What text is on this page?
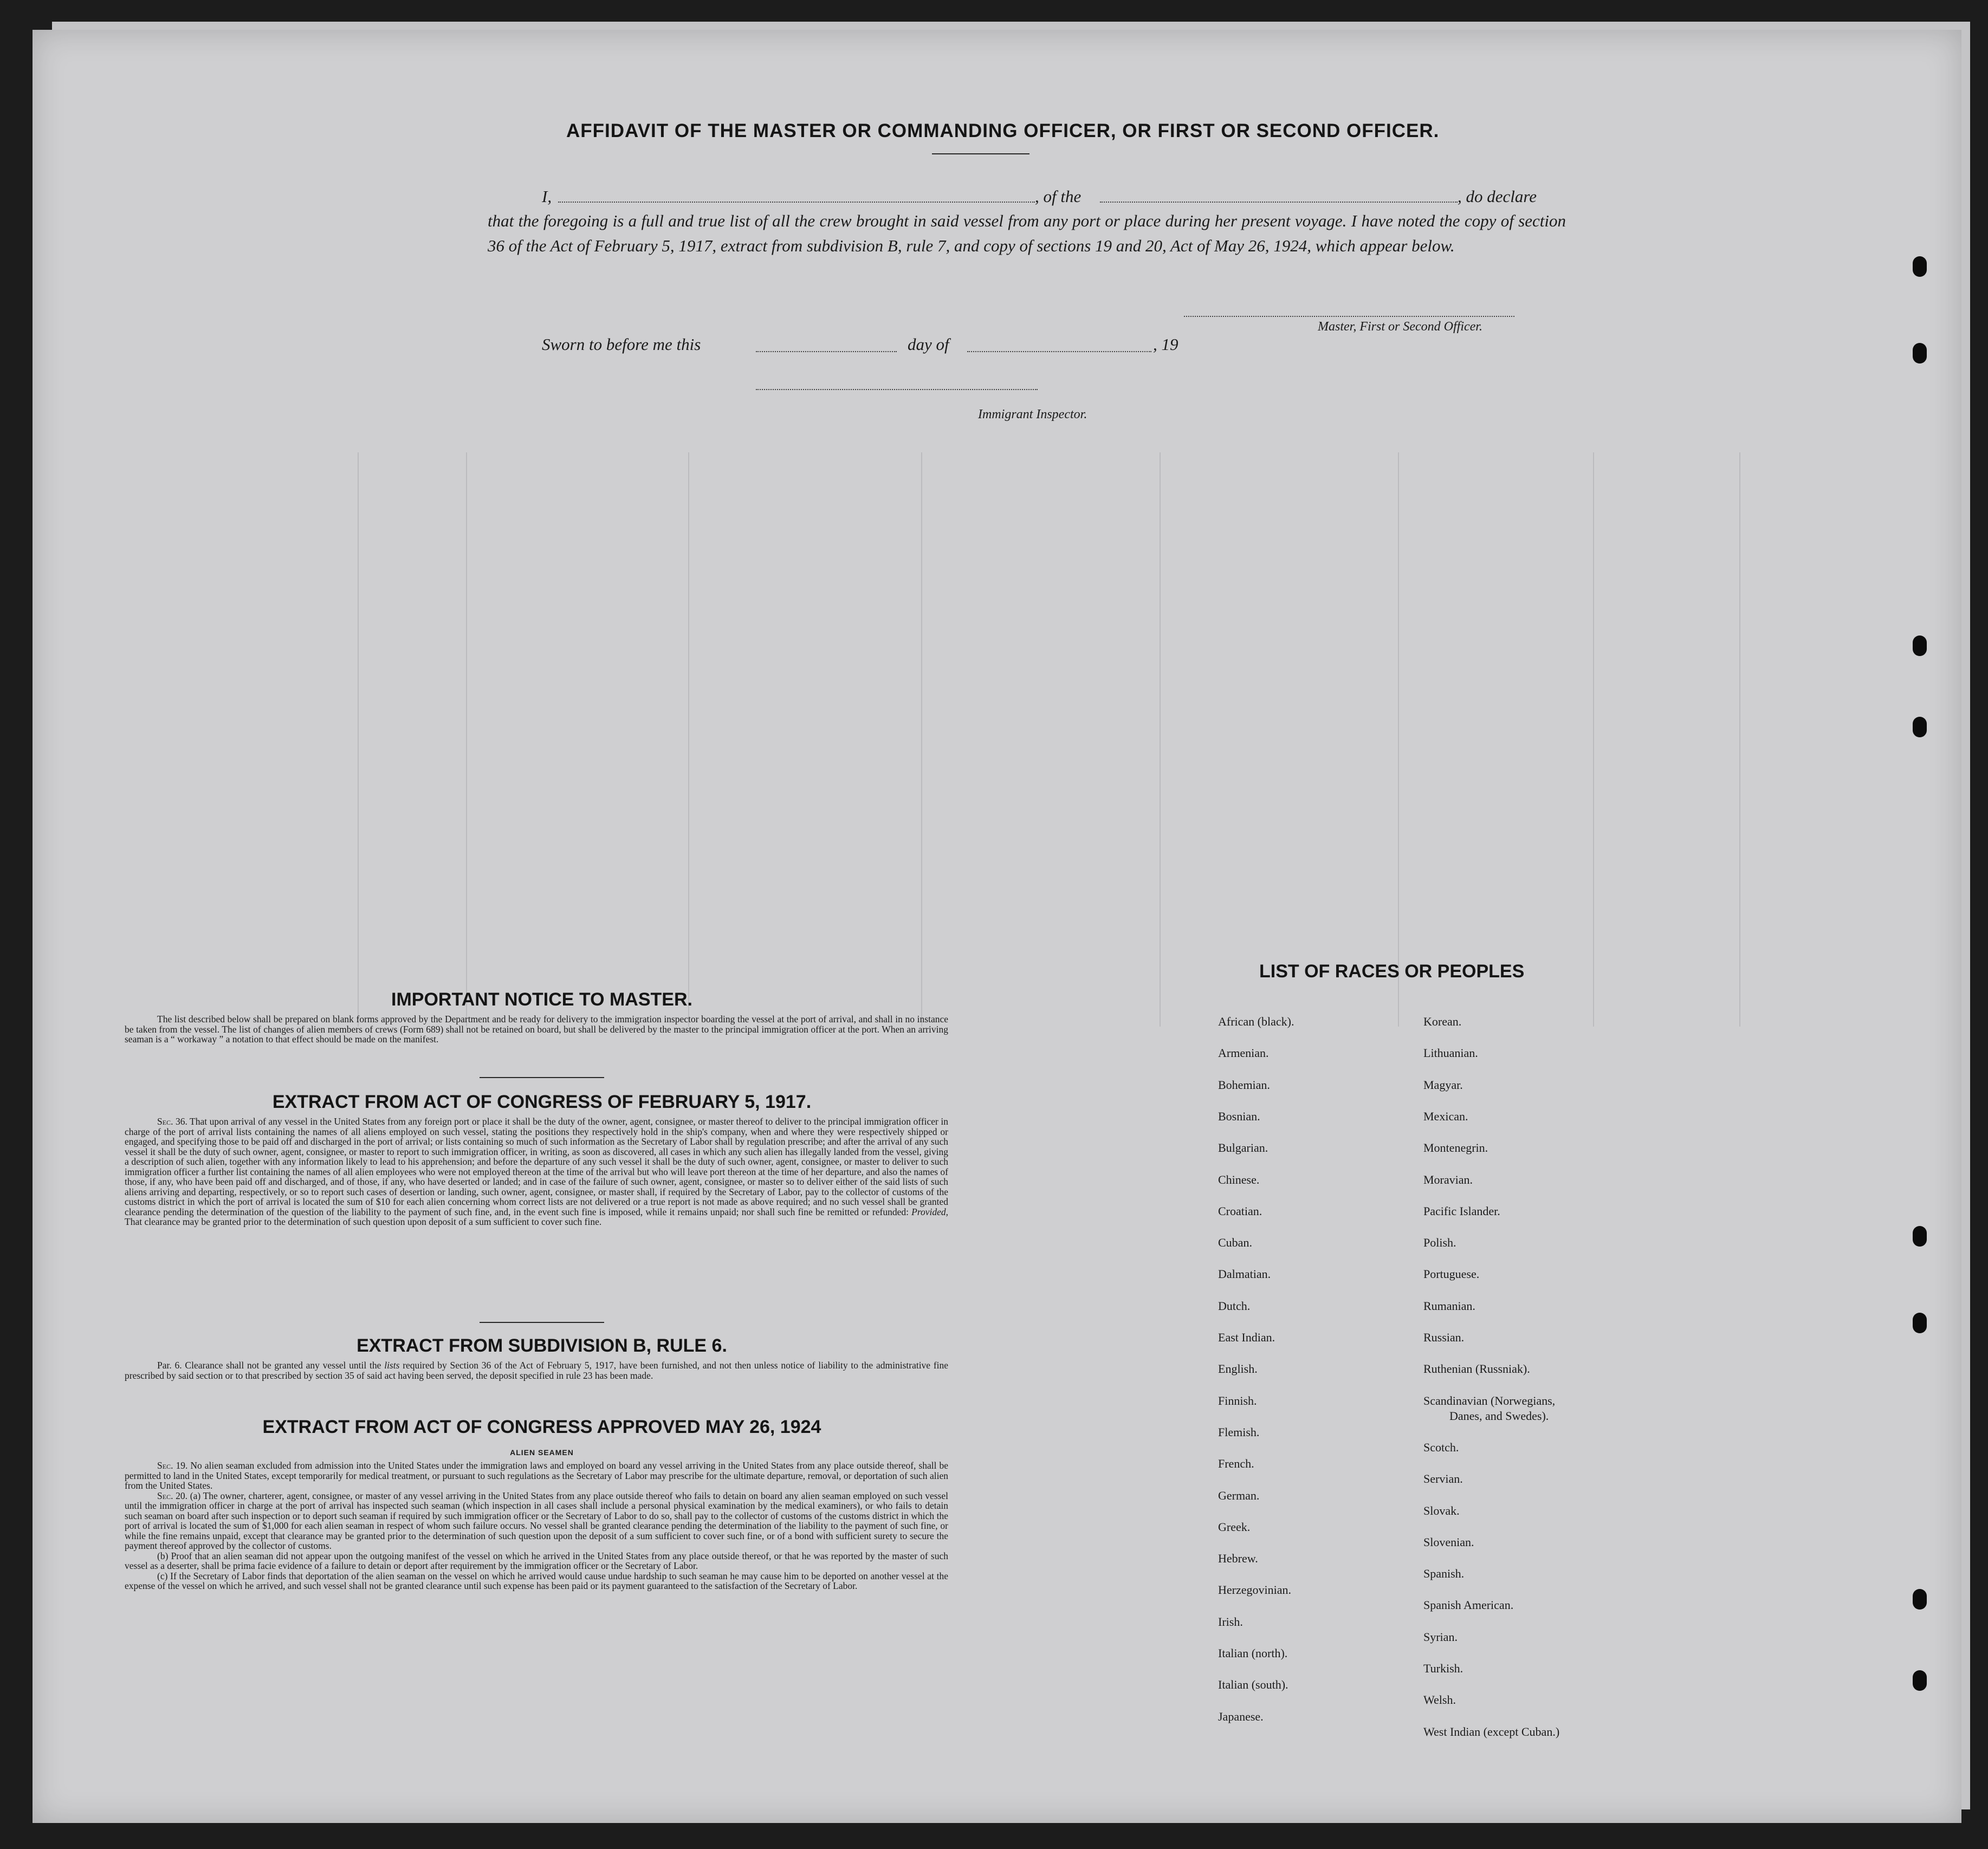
AFFIDAVIT OF THE MASTER OR COMMANDING OFFICER, OR FIRST OR SECOND OFFICER.
I,	, of the	, do declare
that the foregoing is a full and true list of all the crew brought in said vessel from any port or place during her present voyage. I have noted the copy of section 36 of the Act of February 5, 1917, extract from subdivision B, rule 7, and copy of sections 19 and 20, Act of May 26, 1924, which appear below.
Master, First or Second Officer.
Sworn to before me this	day of	, 19
Immigrant Inspector.
IMPORTANT NOTICE TO MASTER.

The list described below shall be prepared on blank forms approved by the Department and be ready for delivery to the immigration inspector boarding the vessel at the port of arrival, and shall in no instance be taken from the vessel. The list of changes of alien members of crews (Form 689) shall not be retained on board, but shall be delivered by the master to the principal immigration officer at the port. When an arriving seaman is a “ workaway ” a notation to that effect should be made on the manifest.

EXTRACT FROM ACT OF CONGRESS OF FEBRUARY 5, 1917.

Sec. 36. That upon arrival of any vessel in the United States from any foreign port or place it shall be the duty of the owner, agent, consignee, or master thereof to deliver to the principal immigration officer in charge of the port of arrival lists containing the names of all aliens employed on such vessel, stating the positions they respectively hold in the ship's company, when and where they were respectively shipped or engaged, and specifying those to be paid off and discharged in the port of arrival; or lists containing so much of such information as the Secretary of Labor shall by regulation prescribe; and after the arrival of any such vessel it shall be the duty of such owner, agent, consignee, or master to report to such immigration officer, in writing, as soon as discovered, all cases in which any such alien has illegally landed from the vessel, giving a description of such alien, together with any information likely to lead to his apprehension; and before the departure of any such vessel it shall be the duty of such owner, agent, consignee, or master to deliver to such immigration officer a further list containing the names of all alien employees who were not employed thereon at the time of the arrival but who will leave port thereon at the time of her departure, and also the names of those, if any, who have been paid off and discharged, and of those, if any, who have deserted or landed; and in case of the failure of such owner, agent, consignee, or master so to deliver either of the said lists of such aliens arriving and departing, respectively, or so to report such cases of desertion or landing, such owner, agent, consignee, or master shall, if required by the Secretary of Labor, pay to the collector of customs of the customs district in which the port of arrival is located the sum of $10 for each alien concerning whom correct lists are not delivered or a true report is not made as above required; and no such vessel shall be granted clearance pending the determination of the question of the liability to the payment of such fine, and, in the event such fine is imposed, while it remains unpaid; nor shall such fine be remitted or refunded: Provided, That clearance may be granted prior to the determination of such question upon deposit of a sum sufficient to cover such fine.

EXTRACT FROM SUBDIVISION B, RULE 6.

Par. 6. Clearance shall not be granted any vessel until the lists required by Section 36 of the Act of February 5, 1917, have been furnished, and not then unless notice of liability to the administrative fine prescribed by said section or to that prescribed by section 35 of said act having been served, the deposit specified in rule 23 has been made.

EXTRACT FROM ACT OF CONGRESS APPROVED MAY 26, 1924
ALIEN SEAMEN

Sec. 19. No alien seaman excluded from admission into the United States under the immigration laws and employed on board any vessel arriving in the United States from any place outside thereof, shall be permitted to land in the United States, except temporarily for medical treatment, or pursuant to such regulations as the Secretary of Labor may prescribe for the ultimate departure, removal, or deportation of such alien from the United States.

Sec. 20. (a) The owner, charterer, agent, consignee, or master of any vessel arriving in the United States from any place outside thereof who fails to detain on board any alien seaman employed on such vessel until the immigration officer in charge at the port of arrival has inspected such seaman (which inspection in all cases shall include a personal physical examination by the medical examiners), or who fails to detain such seaman on board after such inspection or to deport such seaman if required by such immigration officer or the Secretary of Labor to do so, shall pay to the collector of customs of the customs district in which the port of arrival is located the sum of $1,000 for each alien seaman in respect of whom such failure occurs. No vessel shall be granted clearance pending the determination of the liability to the payment of such fine, or while the fine remains unpaid, except that clearance may be granted prior to the determination of such question upon the deposit of a sum sufficient to cover such fine, or of a bond with sufficient surety to secure the payment thereof approved by the collector of customs.

(b) Proof that an alien seaman did not appear upon the outgoing manifest of the vessel on which he arrived in the United States from any place outside thereof, or that he was reported by the master of such vessel as a deserter, shall be prima facie evidence of a failure to detain or deport after requirement by the immigration officer or the Secretary of Labor.

(c) If the Secretary of Labor finds that deportation of the alien seaman on the vessel on which he arrived would cause undue hardship to such seaman he may cause him to be deported on another vessel at the expense of the vessel on which he arrived, and such vessel shall not be granted clearance until such expense has been paid or its payment guaranteed to the satisfaction of the Secretary of Labor.

LIST OF RACES OR PEOPLES
African (black).
Armenian.
Bohemian.
Bosnian.
Bulgarian.
Chinese.
Croatian.
Cuban.
Dalmatian.
Dutch.
East Indian.
English.
Finnish.
Flemish.
French.
German.
Greek.
Hebrew.
Herzegovinian.
Irish.
Italian (north).
Italian (south).
Japanese.
Korean.
Lithuanian.
Magyar.
Mexican.
Montenegrin.
Moravian.
Pacific Islander.
Polish.
Portuguese.
Rumanian.
Russian.
Ruthenian (Russniak).
Scandinavian (Norwegians,
Danes, and Swedes).
Scotch.
Servian.
Slovak.
Slovenian.
Spanish.
Spanish American.
Syrian.
Turkish.
Welsh.
West Indian (except Cuban.)
